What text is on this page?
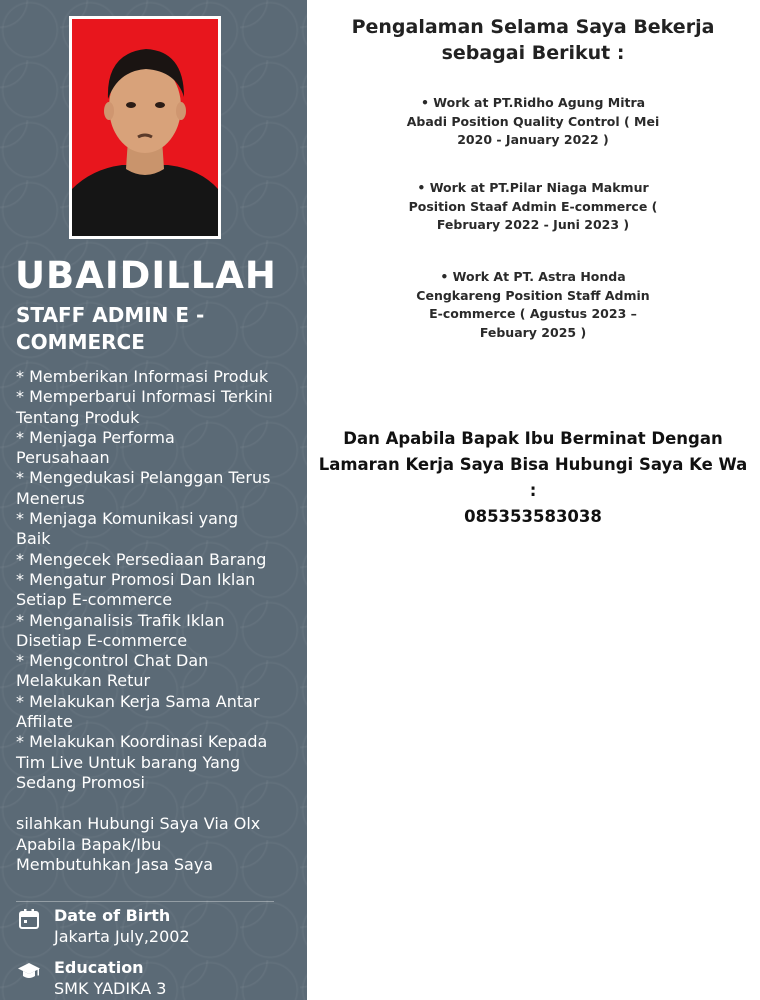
UBAIDILLAH
STAFF ADMIN E -
COMMERCE
* Memberikan Informasi Produk
* Memperbarui Informasi Terkini
Tentang Produk
* Menjaga Performa
Perusahaan
* Mengedukasi Pelanggan Terus
Menerus
* Menjaga Komunikasi yang
Baik
* Mengecek Persediaan Barang
* Mengatur Promosi Dan Iklan
Setiap E-commerce
* Menganalisis Trafik Iklan
Disetiap E-commerce
* Mengcontrol Chat Dan
Melakukan Retur
* Melakukan Kerja Sama Antar
Affilate
* Melakukan Koordinasi Kepada
Tim Live Untuk barang Yang
Sedang Promosi
silahkan Hubungi Saya Via Olx
Apabila Bapak/Ibu
Membutuhkan Jasa Saya
Date of Birth
Jakarta July,2002
Education
SMK YADIKA 3
Pengalaman Selama Saya Bekerja
sebagai Berikut :
• Work at PT.Ridho Agung Mitra
Abadi Position Quality Control ( Mei
2020 - January 2022 )
• Work at PT.Pilar Niaga Makmur
Position Staaf Admin E-commerce (
February 2022 - Juni 2023 )
• Work At PT. Astra Honda
Cengkareng Position Staff Admin
E-commerce ( Agustus 2023 –
Febuary 2025 )
Dan Apabila Bapak Ibu Berminat Dengan
Lamaran Kerja Saya Bisa Hubungi Saya Ke Wa :
085353583038
